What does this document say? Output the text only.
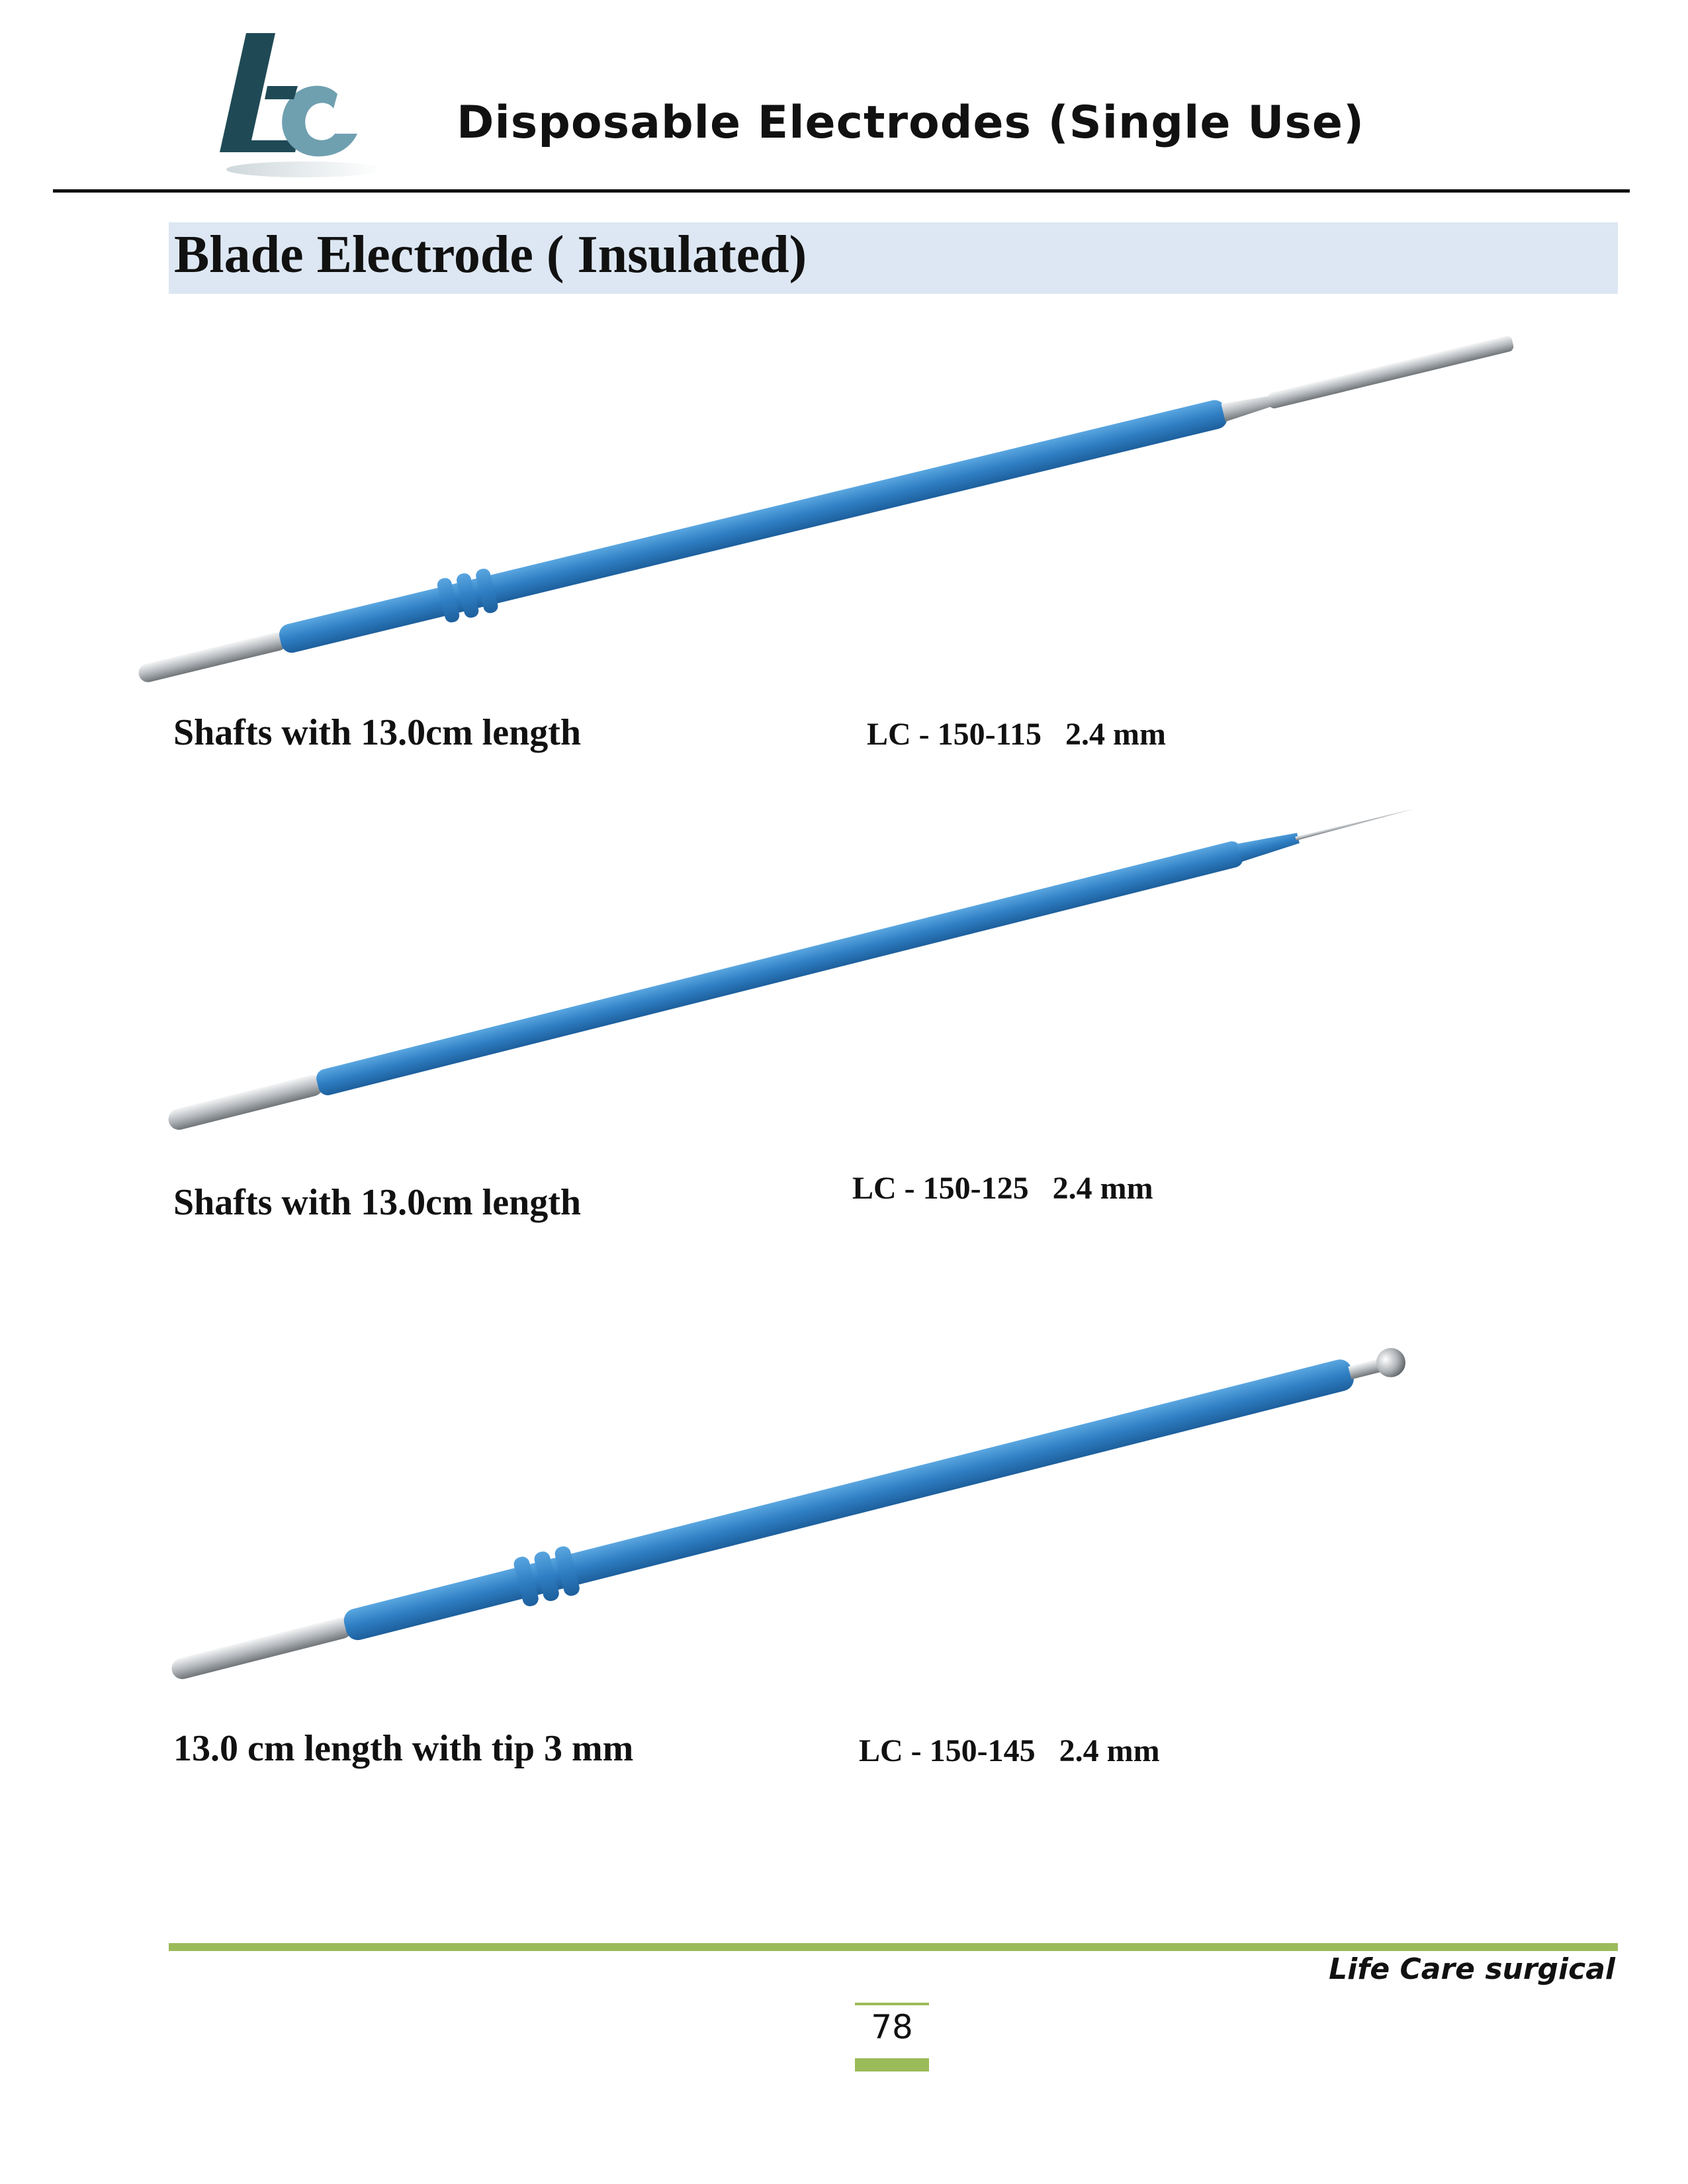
Disposable Electrodes (Single Use)
Blade Electrode ( Insulated)
Shafts with 13.0cm length	LC - 150-115   2.4 mm
Shafts with 13.0cm length	LC - 150-125   2.4 mm
13.0 cm length with tip 3 mm	LC - 150-145   2.4 mm
Life Care surgical
78
